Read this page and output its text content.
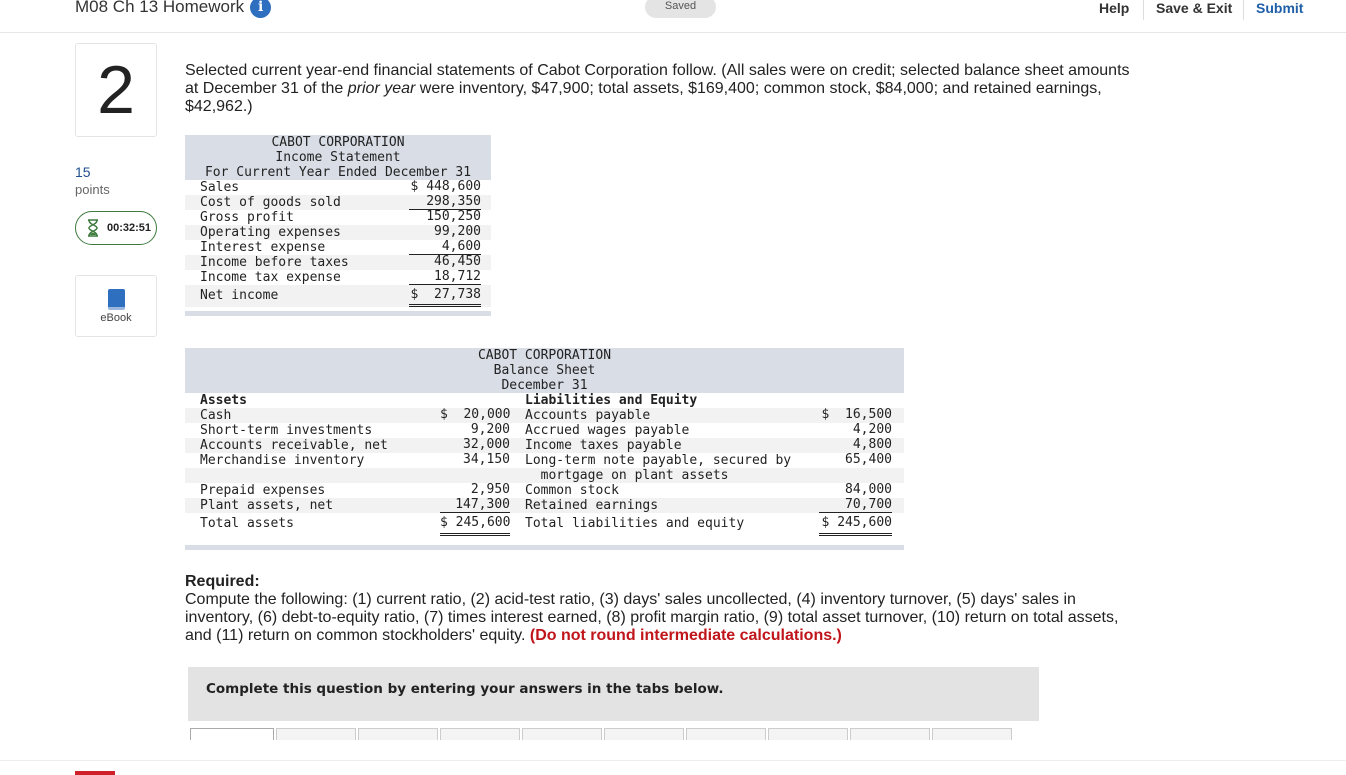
M08 Ch 13 Homework i	Saved	Help Save & Exit Submit
2
15
points
00:32:51
eBook
Selected current year-end financial statements of Cabot Corporation follow. (All sales were on credit; selected balance sheet amounts at December 31 of the prior year were inventory, $47,900; total assets, $169,400; common stock, $84,000; and retained earnings, $42,962.)
CABOT CORPORATION
Income Statement
For Current Year Ended December 31
Sales	$ 448,600
Cost of goods sold	298,350
Gross profit	150,250
Operating expenses	99,200
Interest expense	4,600
Income before taxes	46,450
Income tax expense	18,712
Net income	$  27,738
CABOT CORPORATION
Balance Sheet
December 31
Assets	Liabilities and Equity
Cash	$  20,000 Accounts payable	$  16,500
Short-term investments	9,200 Accrued wages payable	4,200
Accounts receivable, net	32,000 Income taxes payable	4,800
Merchandise inventory	34,150 Long-term note payable, secured by	65,400
mortgage on plant assets
Prepaid expenses	2,950 Common stock	84,000
Plant assets, net	147,300 Retained earnings	70,700
Total assets	$ 245,600 Total liabilities and equity	$ 245,600
Required:
Compute the following: (1) current ratio, (2) acid-test ratio, (3) days' sales uncollected, (4) inventory turnover, (5) days' sales in inventory, (6) debt-to-equity ratio, (7) times interest earned, (8) profit margin ratio, (9) total asset turnover, (10) return on total assets, and (11) return on common stockholders' equity. (Do not round intermediate calculations.)
Complete this question by entering your answers in the tabs below.
